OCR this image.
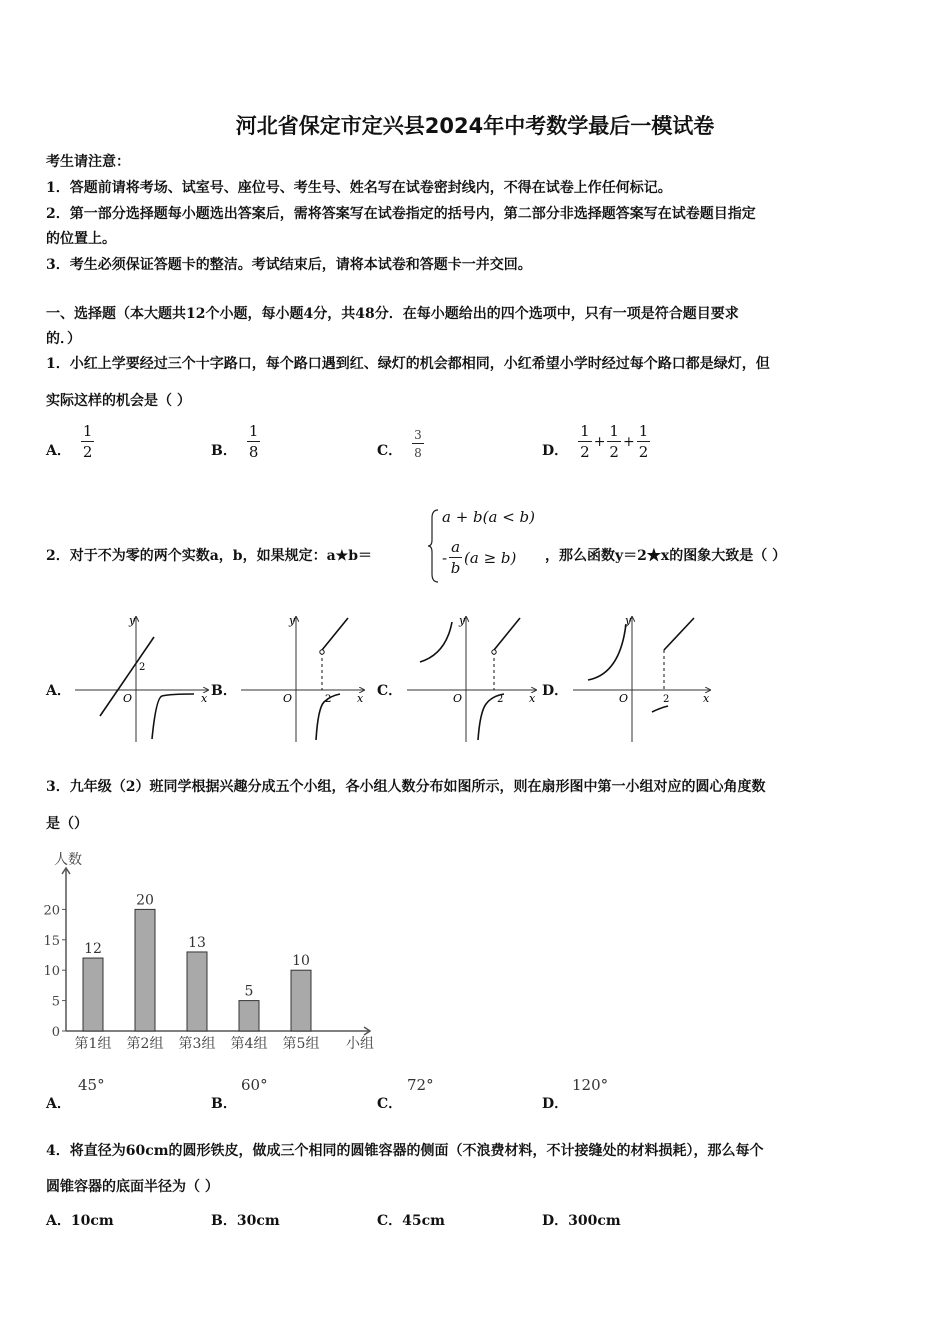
河北省保定市定兴县2024年中考数学最后一模试卷
考生请注意：
1．答题前请将考场、试室号、座位号、考生号、姓名写在试卷密封线内，不得在试卷上作任何标记。
2．第一部分选择题每小题选出答案后，需将答案写在试卷指定的括号内，第二部分非选择题答案写在试卷题目指定
的位置上。
3．考生必须保证答题卡的整洁。考试结束后，请将本试卷和答题卡一并交回。
一、选择题（本大题共12个小题，每小题4分，共48分．在每小题给出的四个选项中，只有一项是符合题目要求
的．）
1．小红上学要经过三个十字路口，每个路口遇到红、绿灯的机会都相同，小红希望小学时经过每个路口都是绿灯，但
实际这样的机会是（ ）
A． $\frac{1}{2}$	B． $\frac{1}{8}$	C． $\frac{3}{8}$	D． $\frac{1}{2} + \frac{1}{2} + \frac{1}{2}$
2．对于不为零的两个实数a，b，如果规定：a★b＝
a + b(a < b)
- $\frac{a}{b} (a \ge b)$ ，那么函数y＝2★x的图象大致是（ ）
A．	B．	C．	D．
y
x
O
2
y
x
O	2
y
x
O	2
y
x
O	2
3．九年级（2）班同学根据兴趣分成五个小组，各小组人数分布如图所示，则在扇形图中第一小组对应的圆心角度数
是（）
人数
小组
0
5
10
15
20
12
第1组
20
第2组
13
第3组
5
第4组
10
第5组
A．
45°
B．
60°
C．
72°
D．
120°
4．将直径为60cm的圆形铁皮，做成三个相同的圆锥容器的侧面（不浪费材料，不计接缝处的材料损耗），那么每个
圆锥容器的底面半径为（ ）
A．10cm	B．30cm	C．45cm	D．300cm
